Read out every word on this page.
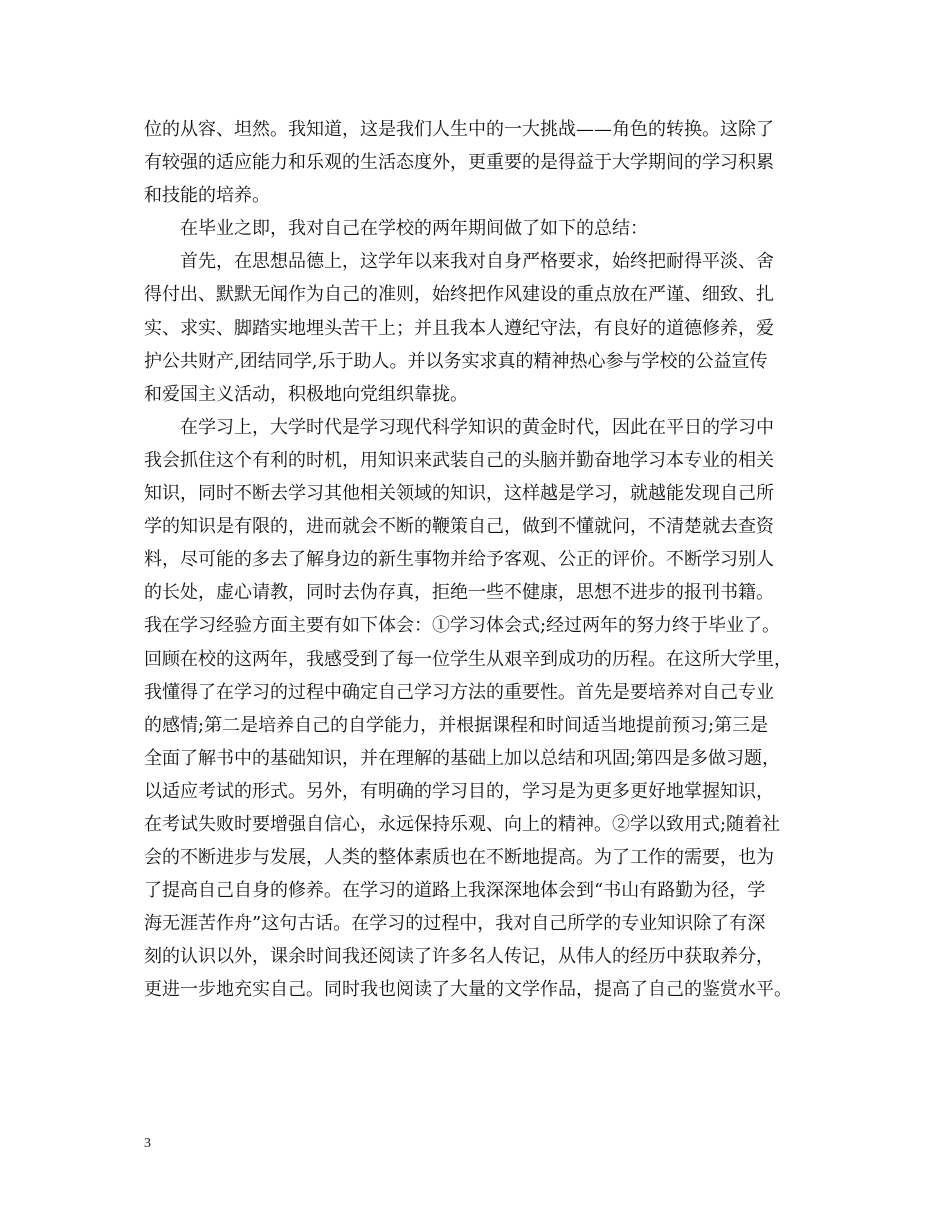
位的从容、坦然。我知道，这是我们人生中的一大挑战——角色的转换。这除了
有较强的适应能力和乐观的生活态度外，更重要的是得益于大学期间的学习积累
和技能的培养。
　　在毕业之即，我对自己在学校的两年期间做了如下的总结：
　　首先，在思想品德上，这学年以来我对自身严格要求，始终把耐得平淡、舍
得付出、默默无闻作为自己的准则，始终把作风建设的重点放在严谨、细致、扎
实、求实、脚踏实地埋头苦干上；并且我本人遵纪守法，有良好的道德修养，爱
护公共财产,团结同学,乐于助人。并以务实求真的精神热心参与学校的公益宣传
和爱国主义活动，积极地向党组织靠拢。
　　在学习上，大学时代是学习现代科学知识的黄金时代，因此在平日的学习中
我会抓住这个有利的时机，用知识来武装自己的头脑并勤奋地学习本专业的相关
知识，同时不断去学习其他相关领域的知识，这样越是学习，就越能发现自己所
学的知识是有限的，进而就会不断的鞭策自己，做到不懂就问，不清楚就去查资
料，尽可能的多去了解身边的新生事物并给予客观、公正的评价。不断学习别人
的长处，虚心请教，同时去伪存真，拒绝一些不健康，思想不进步的报刊书籍。
我在学习经验方面主要有如下体会：①学习体会式;经过两年的努力终于毕业了。
回顾在校的这两年，我感受到了每一位学生从艰辛到成功的历程。在这所大学里，
我懂得了在学习的过程中确定自己学习方法的重要性。首先是要培养对自己专业
的感情;第二是培养自己的自学能力，并根据课程和时间适当地提前预习;第三是
全面了解书中的基础知识，并在理解的基础上加以总结和巩固;第四是多做习题，
以适应考试的形式。另外，有明确的学习目的，学习是为更多更好地掌握知识，
在考试失败时要增强自信心，永远保持乐观、向上的精神。②学以致用式;随着社
会的不断进步与发展，人类的整体素质也在不断地提高。为了工作的需要，也为
了提高自己自身的修养。在学习的道路上我深深地体会到“书山有路勤为径，学
海无涯苦作舟”这句古话。在学习的过程中，我对自己所学的专业知识除了有深
刻的认识以外，课余时间我还阅读了许多名人传记，从伟人的经历中获取养分，
更进一步地充实自己。同时我也阅读了大量的文学作品，提高了自己的鉴赏水平。
3
